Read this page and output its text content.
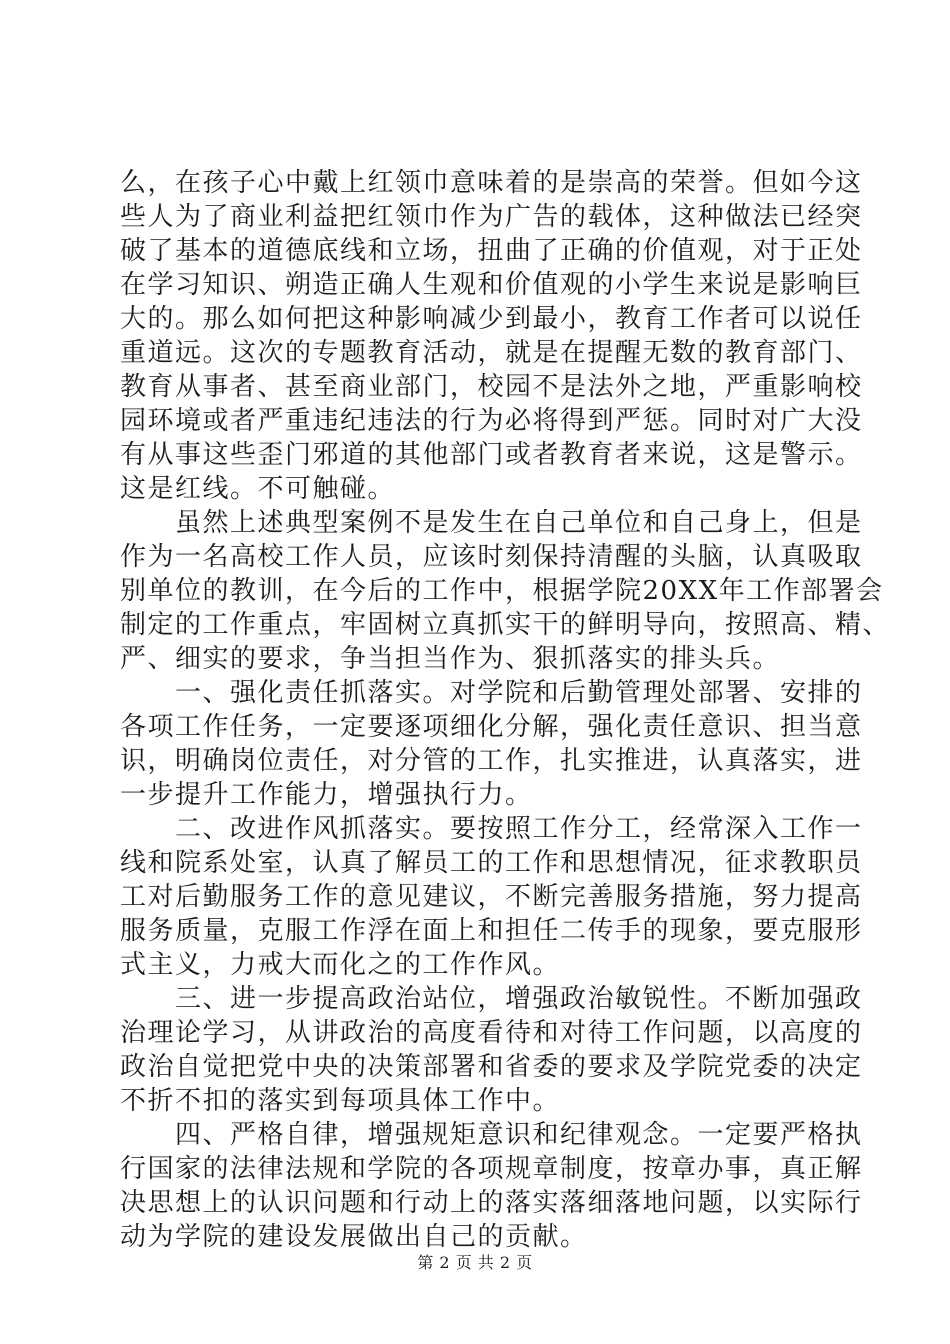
么，在孩子心中戴上红领巾意味着的是崇高的荣誉。但如今这
些人为了商业利益把红领巾作为广告的载体，这种做法已经突
破了基本的道德底线和立场，扭曲了正确的价值观，对于正处
在学习知识、朔造正确人生观和价值观的小学生来说是影响巨
大的。那么如何把这种影响减少到最小，教育工作者可以说任
重道远。这次的专题教育活动，就是在提醒无数的教育部门、
教育从事者、甚至商业部门，校园不是法外之地，严重影响校
园环境或者严重违纪违法的行为必将得到严惩。同时对广大没
有从事这些歪门邪道的其他部门或者教育者来说，这是警示。
这是红线。不可触碰。
　　虽然上述典型案例不是发生在自己单位和自己身上，但是
作为一名高校工作人员，应该时刻保持清醒的头脑，认真吸取
别单位的教训，在今后的工作中，根据学院20XX年工作部署会
制定的工作重点，牢固树立真抓实干的鲜明导向，按照高、精、
严、细实的要求，争当担当作为、狠抓落实的排头兵。
　　一、强化责任抓落实。对学院和后勤管理处部署、安排的
各项工作任务，一定要逐项细化分解，强化责任意识、担当意
识，明确岗位责任，对分管的工作，扎实推进，认真落实，进
一步提升工作能力，增强执行力。
　　二、改进作风抓落实。要按照工作分工，经常深入工作一
线和院系处室，认真了解员工的工作和思想情况，征求教职员
工对后勤服务工作的意见建议，不断完善服务措施，努力提高
服务质量，克服工作浮在面上和担任二传手的现象，要克服形
式主义，力戒大而化之的工作作风。
　　三、进一步提高政治站位，增强政治敏锐性。不断加强政
治理论学习，从讲政治的高度看待和对待工作问题，以高度的
政治自觉把党中央的决策部署和省委的要求及学院党委的决定
不折不扣的落实到每项具体工作中。
　　四、严格自律，增强规矩意识和纪律观念。一定要严格执
行国家的法律法规和学院的各项规章制度，按章办事，真正解
决思想上的认识问题和行动上的落实落细落地问题，以实际行
动为学院的建设发展做出自己的贡献。
第 2 页 共 2 页
